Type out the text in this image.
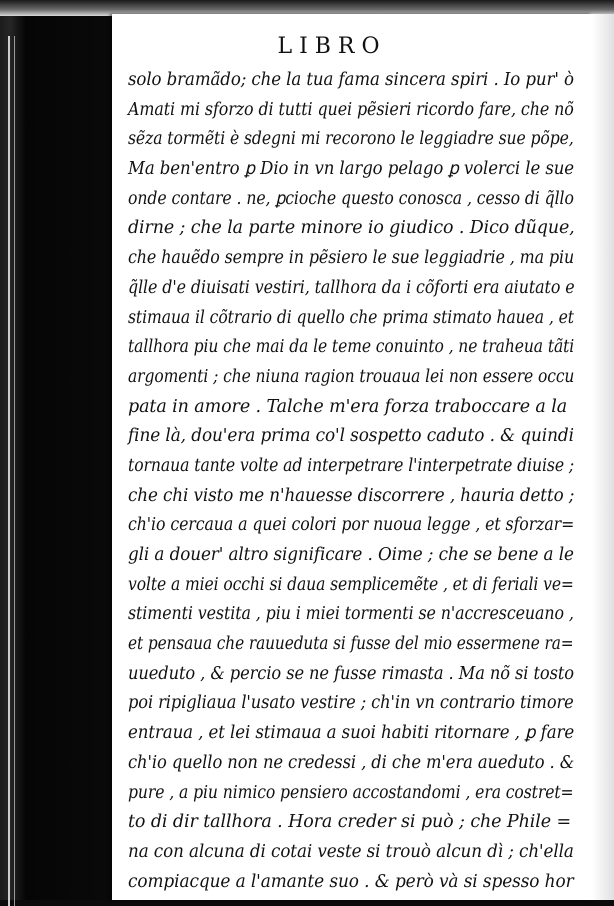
LIBRO
solo bramãdo; che la tua fama sincera spiri . Io pur' ò
Amati mi sforzo di tutti quei pẽsieri ricordo fare, che nõ
sẽza tormẽti è sdegni mi recorono le leggiadre sue põpe,
Ma ben'entro ꝑ Dio in vn largo pelago ꝑ volerci le sue
onde contare . ne, ꝑcioche questo conosca , cesso di q̃llo
dirne ; che la parte minore io giudico . Dico dũque,
che hauẽdo sempre in pẽsiero le sue leggiadrie , ma piu
q̃lle d'e diuisati vestiri, tallhora da i cõforti era aiutato e
stimaua il cõtrario di quello che prima stimato hauea , et
tallhora piu che mai da le teme conuinto , ne traheua tãti
argomenti ; che niuna ragion trouaua lei non essere occu
pata in amore . Talche m'era forza traboccare a la
fine là, dou'era prima co'l sospetto caduto . & quindi
tornaua tante volte ad interpetrare l'interpetrate diuise ;
che chi visto me n'hauesse discorrere , hauria detto ;
ch'io cercaua a quei colori por nuoua legge , et sforzar=
gli a douer' altro significare . Oime ; che se bene a le
volte a miei occhi si daua semplicemẽte , et di feriali ve=
stimenti vestita , piu i miei tormenti se n'accresceuano ,
et pensaua che rauueduta si fusse del mio essermene ra=
uueduto , & percio se ne fusse rimasta . Ma nõ si tosto
poi ripigliaua l'usato vestire ; ch'in vn contrario timore
entraua , et lei stimaua a suoi habiti ritornare , ꝑ fare
ch'io quello non ne credessi , di che m'era aueduto . &
pure , a piu nimico pensiero accostandomi , era costret=
to di dir tallhora . Hora creder si può ; che Phile =
na con alcuna di cotai veste si trouò alcun dì ; ch'ella
compiacque a l'amante suo . & però và si spesso hor
